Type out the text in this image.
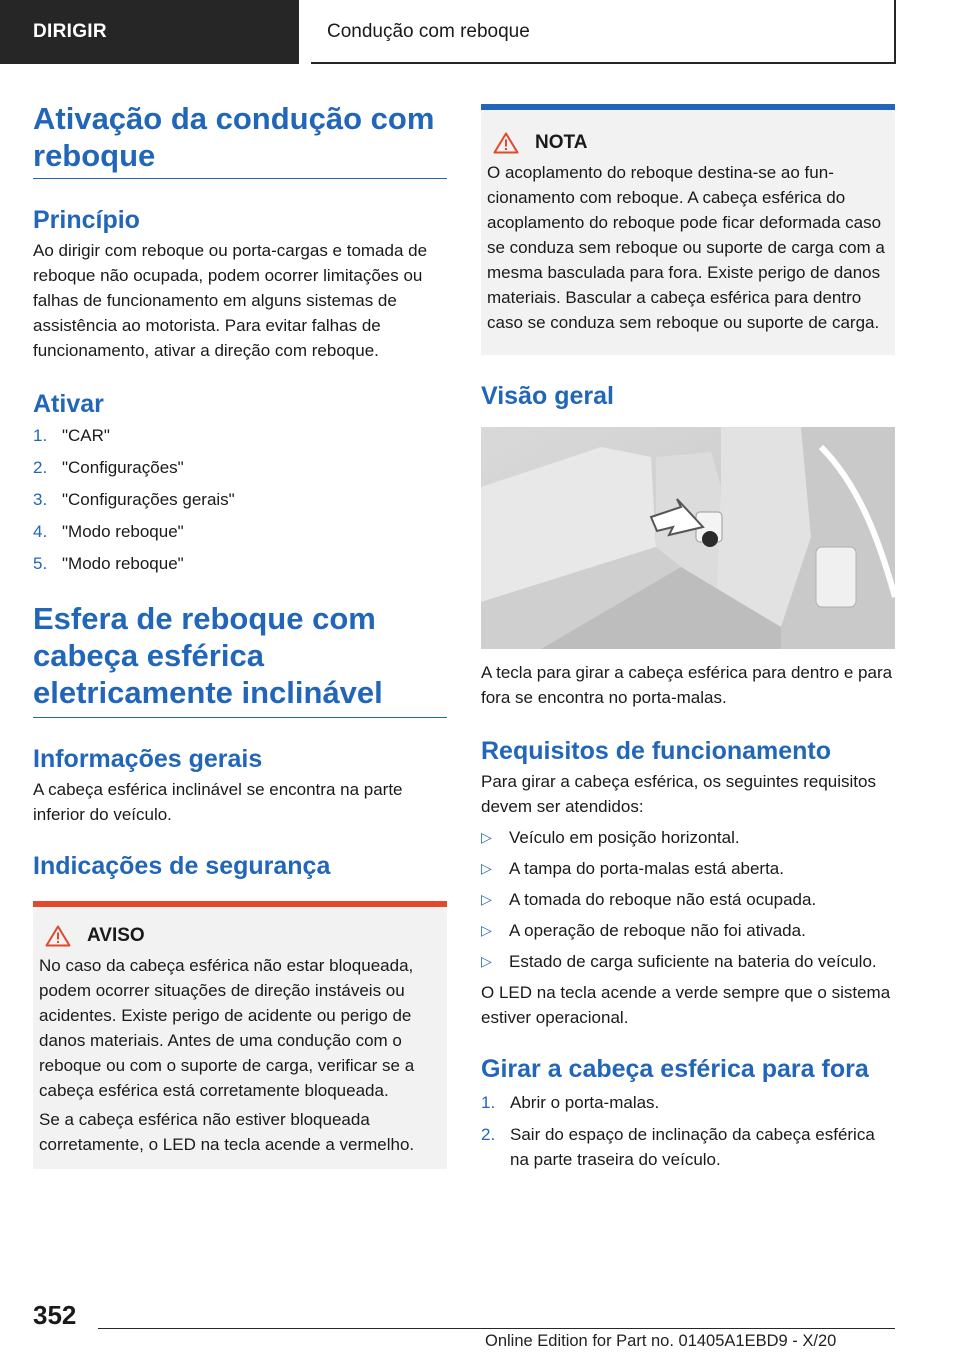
DIRIGIR	Condução com reboque
Ativação da condução com reboque
Princípio

Ao dirigir com reboque ou porta-cargas e tomada de reboque não ocupada, podem ocorrer limitações ou falhas de funcionamento em alguns sistemas de assistência ao motorista. Para evitar falhas de funcionamento, ativar a direção com reboque.

Ativar
1. "CAR"
2. "Configurações"
3. "Configurações gerais"
4. "Modo reboque"
5. "Modo reboque"
Esfera de reboque com cabeça esférica eletricamente inclinável
Informações gerais

A cabeça esférica inclinável se encontra na parte inferior do veículo.

Indicações de segurança
AVISO

No caso da cabeça esférica não estar bloqueada, podem ocorrer situações de direção instáveis ou acidentes. Existe perigo de acidente ou perigo de danos materiais. Antes de uma condução com o reboque ou com o suporte de carga, verificar se a cabeça esférica está corretamente bloqueada.

Se a cabeça esférica não estiver bloqueada corretamente, o LED na tecla acende a vermelho.

NOTA

O acoplamento do reboque destina-se ao funcionamento com reboque. A cabeça esférica do acoplamento do reboque pode ficar deformada caso se conduza sem reboque ou suporte de carga com a mesma basculada para fora. Existe perigo de danos materiais. Bascular a cabeça esférica para dentro caso se conduza sem reboque ou suporte de carga.

Visão geral

A tecla para girar a cabeça esférica para dentro e para fora se encontra no porta-malas.

Requisitos de funcionamento

Para girar a cabeça esférica, os seguintes requisitos devem ser atendidos:

▷ Veículo em posição horizontal.
▷ A tampa do porta-malas está aberta.
▷ A tomada do reboque não está ocupada.
▷ A operação de reboque não foi ativada.
▷ Estado de carga suficiente na bateria do veículo.

O LED na tecla acende a verde sempre que o sistema estiver operacional.

Girar a cabeça esférica para fora
1. Abrir o porta-malas.
2. Sair do espaço de inclinação da cabeça esférica na parte traseira do veículo.
352
Online Edition for Part no. 01405A1EBD9 - X/20
